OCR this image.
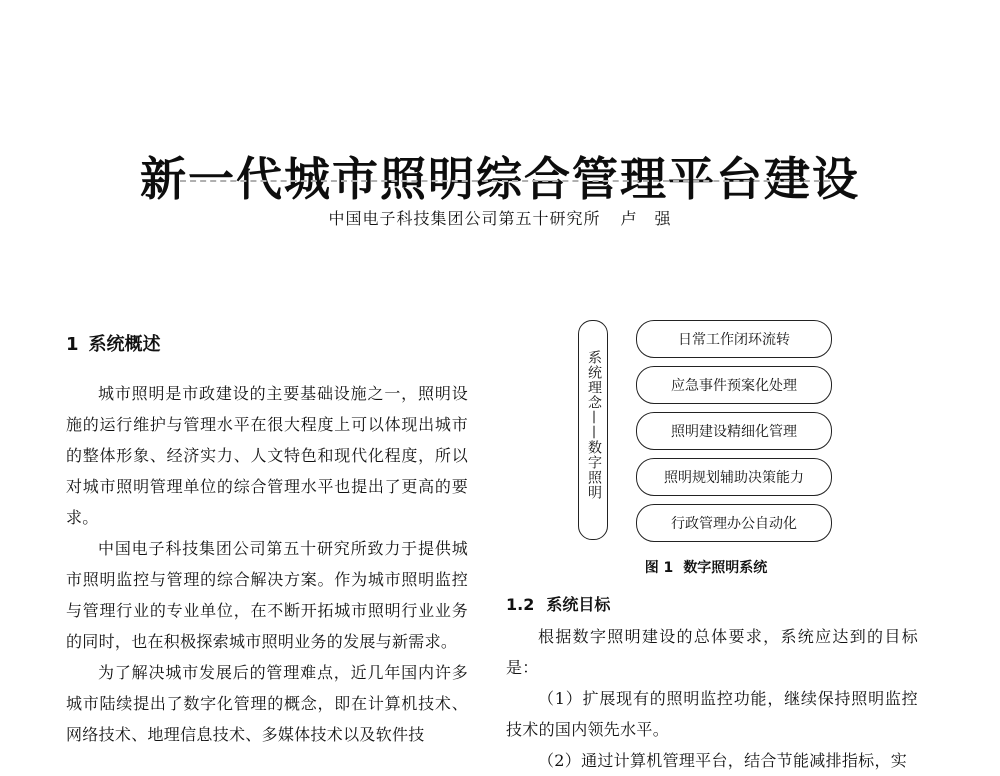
新一代城市照明综合管理平台建设
中国电子科技集团公司第五十研究所 卢　强
1 系统概述

城市照明是市政建设的主要基础设施之一，照明设施的运行维护与管理水平在很大程度上可以体现出城市的整体形象、经济实力、人文特色和现代化程度，所以对城市照明管理单位的综合管理水平也提出了更高的要求。

中国电子科技集团公司第五十研究所致力于提供城市照明监控与管理的综合解决方案。作为城市照明监控与管理行业的专业单位，在不断开拓城市照明行业业务的同时，也在积极探索城市照明业务的发展与新需求。

为了解决城市发展后的管理难点，近几年国内许多城市陆续提出了数字化管理的概念，即在计算机技术、网络技术、地理信息技术、多媒体技术以及软件技

系统理念——数字照明
日常工作闭环流转
应急事件预案化处理
照明建设精细化管理
照明规划辅助决策能力
行政管理办公自动化
图 1 数字照明系统
1.2 系统目标

根据数字照明建设的总体要求，系统应达到的目标是：

（1）扩展现有的照明监控功能，继续保持照明监控技术的国内领先水平。

（2）通过计算机管理平台，结合节能减排指标，实
